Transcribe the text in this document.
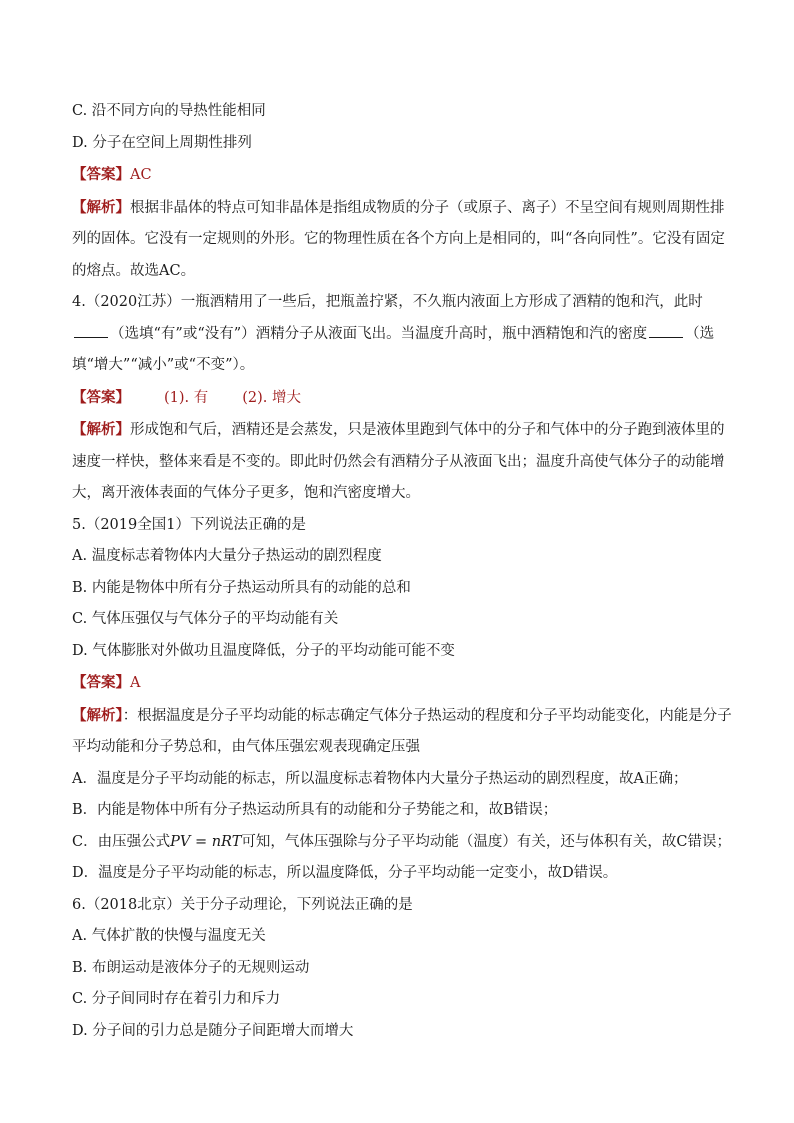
C. 沿不同方向的导热性能相同
D. 分子在空间上周期性排列
【答案】AC
【解析】根据非晶体的特点可知非晶体是指组成物质的分子（或原子、离子）不呈空间有规则周期性排列的固体。它没有一定规则的外形。它的物理性质在各个方向上是相同的，叫“各向同性”。它没有固定的熔点。故选AC。
4.（2020江苏）一瓶酒精用了一些后，把瓶盖拧紧，不久瓶内液面上方形成了酒精的饱和汽，此时（选填“有”或“没有”）酒精分子从液面飞出。当温度升高时，瓶中酒精饱和汽的密度	（选填“增大”“减小”或“不变”）。
【答案】 (1). 有 (2). 增大
【解析】形成饱和气后，酒精还是会蒸发，只是液体里跑到气体中的分子和气体中的分子跑到液体里的速度一样快，整体来看是不变的。即此时仍然会有酒精分子从液面飞出；温度升高使气体分子的动能增大，离开液体表面的气体分子更多，饱和汽密度增大。
5.（2019全国1）下列说法正确的是
A. 温度标志着物体内大量分子热运动的剧烈程度
B. 内能是物体中所有分子热运动所具有的动能的总和
C. 气体压强仅与气体分子的平均动能有关
D. 气体膨胀对外做功且温度降低，分子的平均动能可能不变
【答案】A
【解析】：根据温度是分子平均动能的标志确定气体分子热运动的程度和分子平均动能变化，内能是分子平均动能和分子势总和，由气体压强宏观表现确定压强
A．温度是分子平均动能的标志，所以温度标志着物体内大量分子热运动的剧烈程度，故A正确；
B．内能是物体中所有分子热运动所具有的动能和分子势能之和，故B错误；
C．由压强公式PV = nRT可知，气体压强除与分子平均动能（温度）有关，还与体积有关，故C错误；
D．温度是分子平均动能的标志，所以温度降低，分子平均动能一定变小，故D错误。
6.（2018北京）关于分子动理论，下列说法正确的是
A. 气体扩散的快慢与温度无关
B. 布朗运动是液体分子的无规则运动
C. 分子间同时存在着引力和斥力
D. 分子间的引力总是随分子间距增大而增大
